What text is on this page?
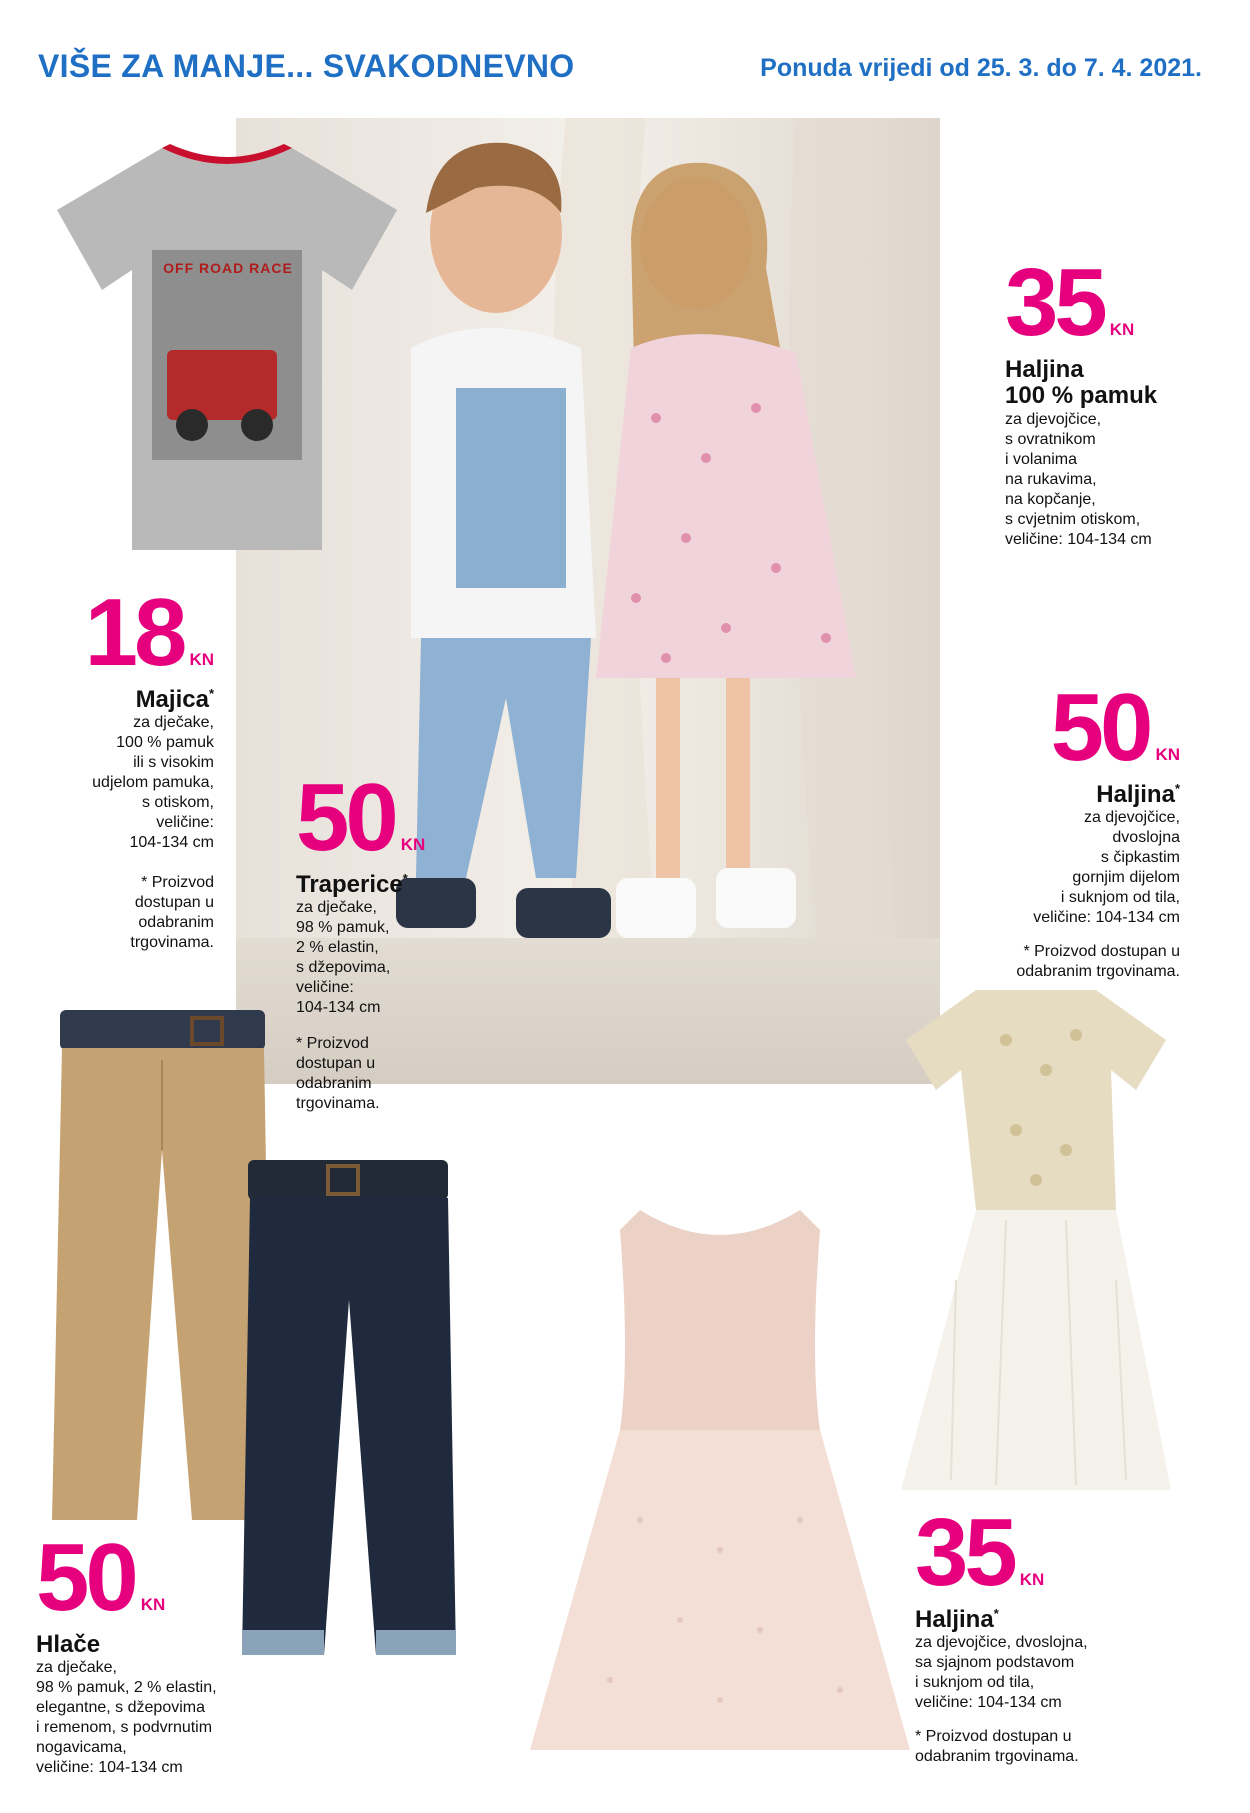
VIŠE ZA MANJE... SVAKODNEVNO	Ponuda vrijedi od 25. 3. do 7. 4. 2021.
OFF ROAD RACE
18 KN
Majica*
za dječake,
100 % pamuk
ili s visokim
udjelom pamuka,
s otiskom,
veličine:
104-134 cm
* Proizvod
dostupan u
odabranim
trgovinama.
50 KN
Traperice*
za dječake,
98 % pamuk,
2 % elastin,
s džepovima,
veličine:
104-134 cm
* Proizvod
dostupan u
odabranim
trgovinama.
35 KN
Haljina
100 % pamuk
za djevojčice,
s ovratnikom
i volanima
na rukavima,
na kopčanje,
s cvjetnim otiskom,
veličine: 104-134 cm
50 KN
Haljina*
za djevojčice,
dvoslojna
s čipkastim
gornjim dijelom
i suknjom od tila,
veličine: 104-134 cm
* Proizvod dostupan u
odabranim trgovinama.
50 KN
Hlače
za dječake,
98 % pamuk, 2 % elastin,
elegantne, s džepovima
i remenom, s podvrnutim
nogavicama,
veličine: 104-134 cm
35 KN
Haljina*
za djevojčice, dvoslojna,
sa sjajnom podstavom
i suknjom od tila,
veličine: 104-134 cm
* Proizvod dostupan u
odabranim trgovinama.
